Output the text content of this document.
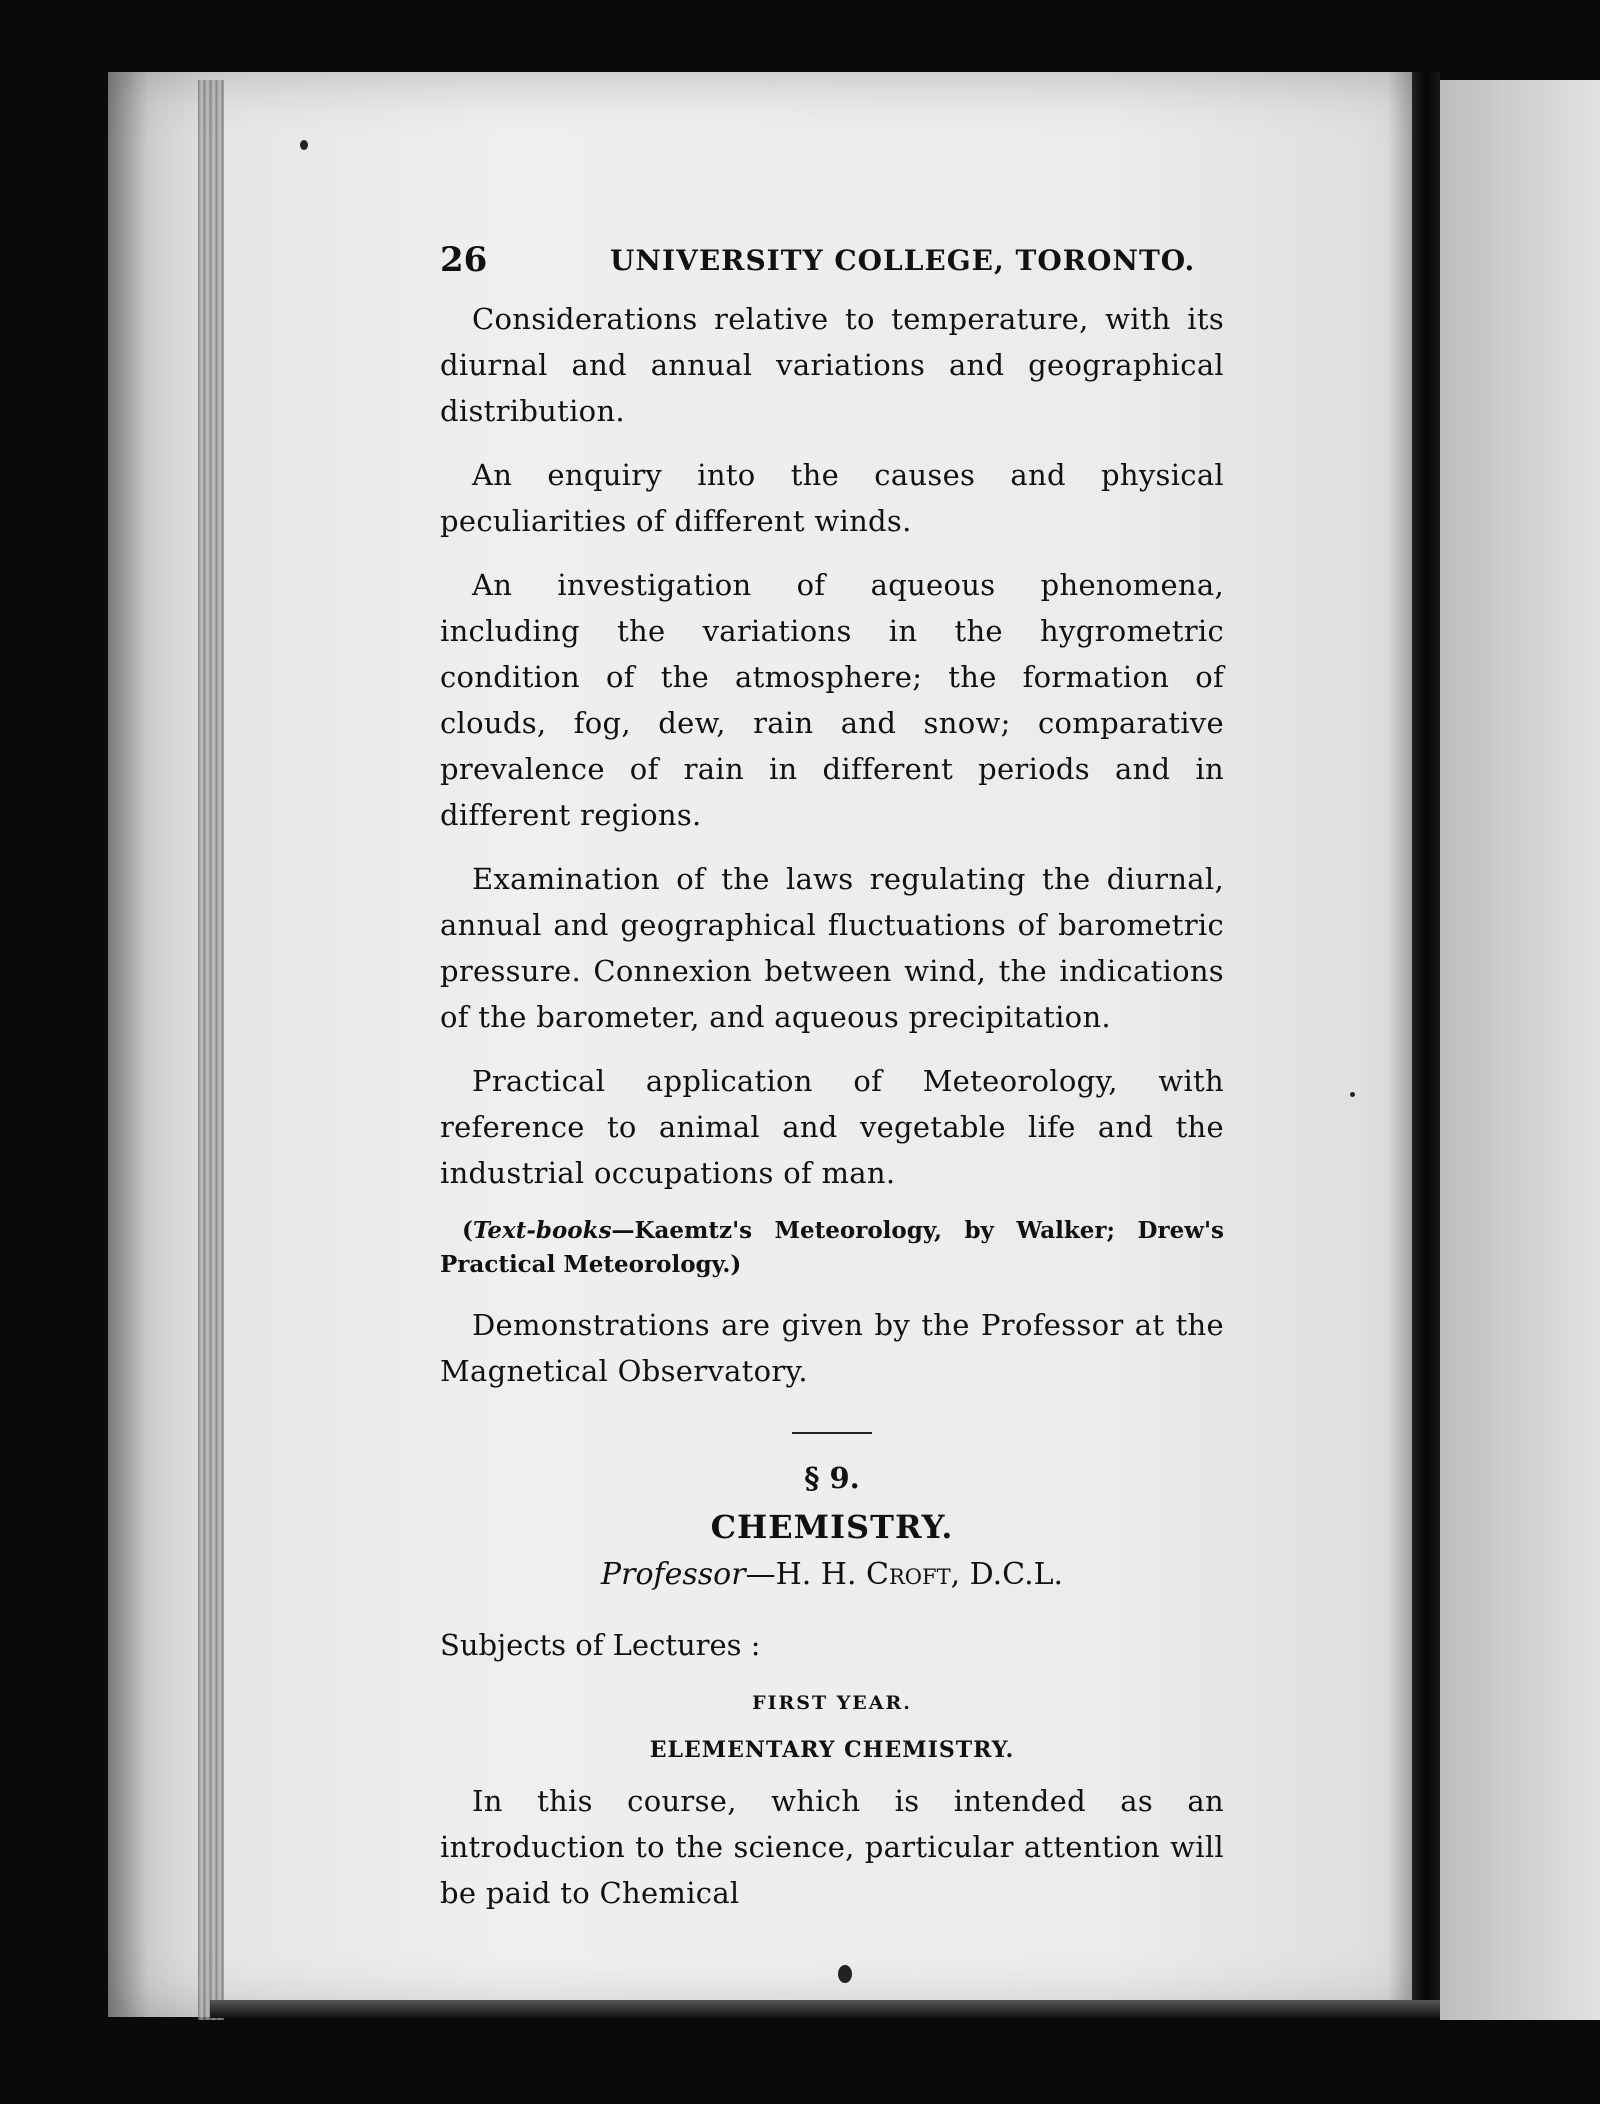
26	UNIVERSITY COLLEGE, TORONTO.

Considerations relative to temperature, with its diurnal and annual variations and geographical distribution.

An enquiry into the causes and physical peculiarities of different winds.

An investigation of aqueous phenomena, including the variations in the hygrometric condition of the atmosphere; the formation of clouds, fog, dew, rain and snow; comparative prevalence of rain in different periods and in different regions.

Examination of the laws regulating the diurnal, annual and geographical fluctuations of barometric pressure. Connexion between wind, the indications of the barometer, and aqueous precipitation.

Practical application of Meteorology, with reference to animal and vegetable life and the industrial occupations of man.

(Text-books—Kaemtz's Meteorology, by Walker; Drew's Practical Meteorology.)

Demonstrations are given by the Professor at the Magnetical Observatory.

§ 9.
CHEMISTRY.
Professor—H. H. Croft, D.C.L.
Subjects of Lectures :
FIRST YEAR.
ELEMENTARY CHEMISTRY.

In this course, which is intended as an introduction to the science, particular attention will be paid to Chemical
